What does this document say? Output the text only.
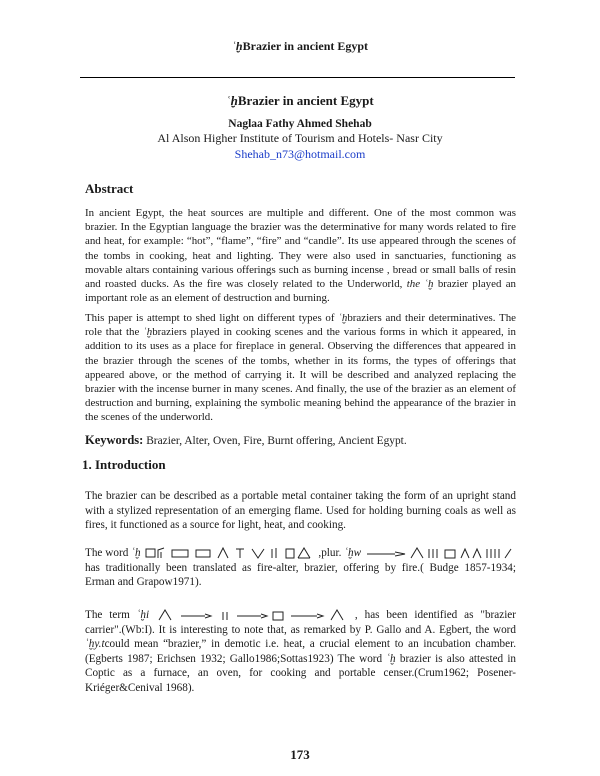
ʿḫBrazier in ancient Egypt
ʿḫBrazier in ancient Egypt
Naglaa Fathy Ahmed Shehab
Al Alson Higher Institute of Tourism and Hotels- Nasr City
Shehab_n73@hotmail.com
Abstract

In ancient Egypt, the heat sources are multiple and different. One of the most common was brazier. In the Egyptian language the brazier was the determinative for many words related to fire and heat, for example: “hot”, “flame”, “fire” and “candle”. Its use appeared through the scenes of the tombs in cooking, heat and lighting. They were also used in sanctuaries, functioning as movable altars containing various offerings such as burning incense , bread or small balls of resin and roasted ducks. As the fire was closely related to the Underworld, the ʿḫ brazier played an important role as an element of destruction and burning.

This paper is attempt to shed light on different types of ʿḫbraziers and their determinatives. The role that the ʿḫbraziers played in cooking scenes and the various forms in which it appeared, in addition to its uses as a place for fireplace in general. Observing the differences that appeared in the brazier through the scenes of the tombs, whether in its forms, the types of offerings that appeared above, or the method of carrying it. It will be described and analyzed replacing the brazier with the incense burner in many scenes. And finally, the use of the brazier as an element of destruction and burning, explaining the symbolic meaning behind the appearance of the brazier in the scenes of the underworld.

Keywords: Brazier, Alter, Oven, Fire, Burnt offering, Ancient Egypt.
1. Introduction

The brazier can be described as a portable metal container taking the form of an upright stand with a stylized representation of an emerging flame. Used for holding burning coals as well as fires, it functioned as a source for light, heat, and cooking.

The word ʿḫ	,plur. ʿḫw  has traditionally been translated as fire-alter, brazier, offering by fire.( Budge 1857-1934; Erman and Grapow1971).

The term ʿḫi	, has been identified as "brazier carrier".(Wb:I). It is interesting to note that, as remarked by P. Gallo and A. Egbert, the word ʿḫy.tcould mean “brazier,” in demotic i.e. heat, a crucial element to an incubation chamber.(Egberts 1987; Erichsen 1932; Gallo1986;Sottas1923) The word ʿḫ brazier is also attested in Coptic as a furnace, an oven, for cooking and portable censer.(Crum1962; Posener-Kriéger&Cenival 1968).

173
